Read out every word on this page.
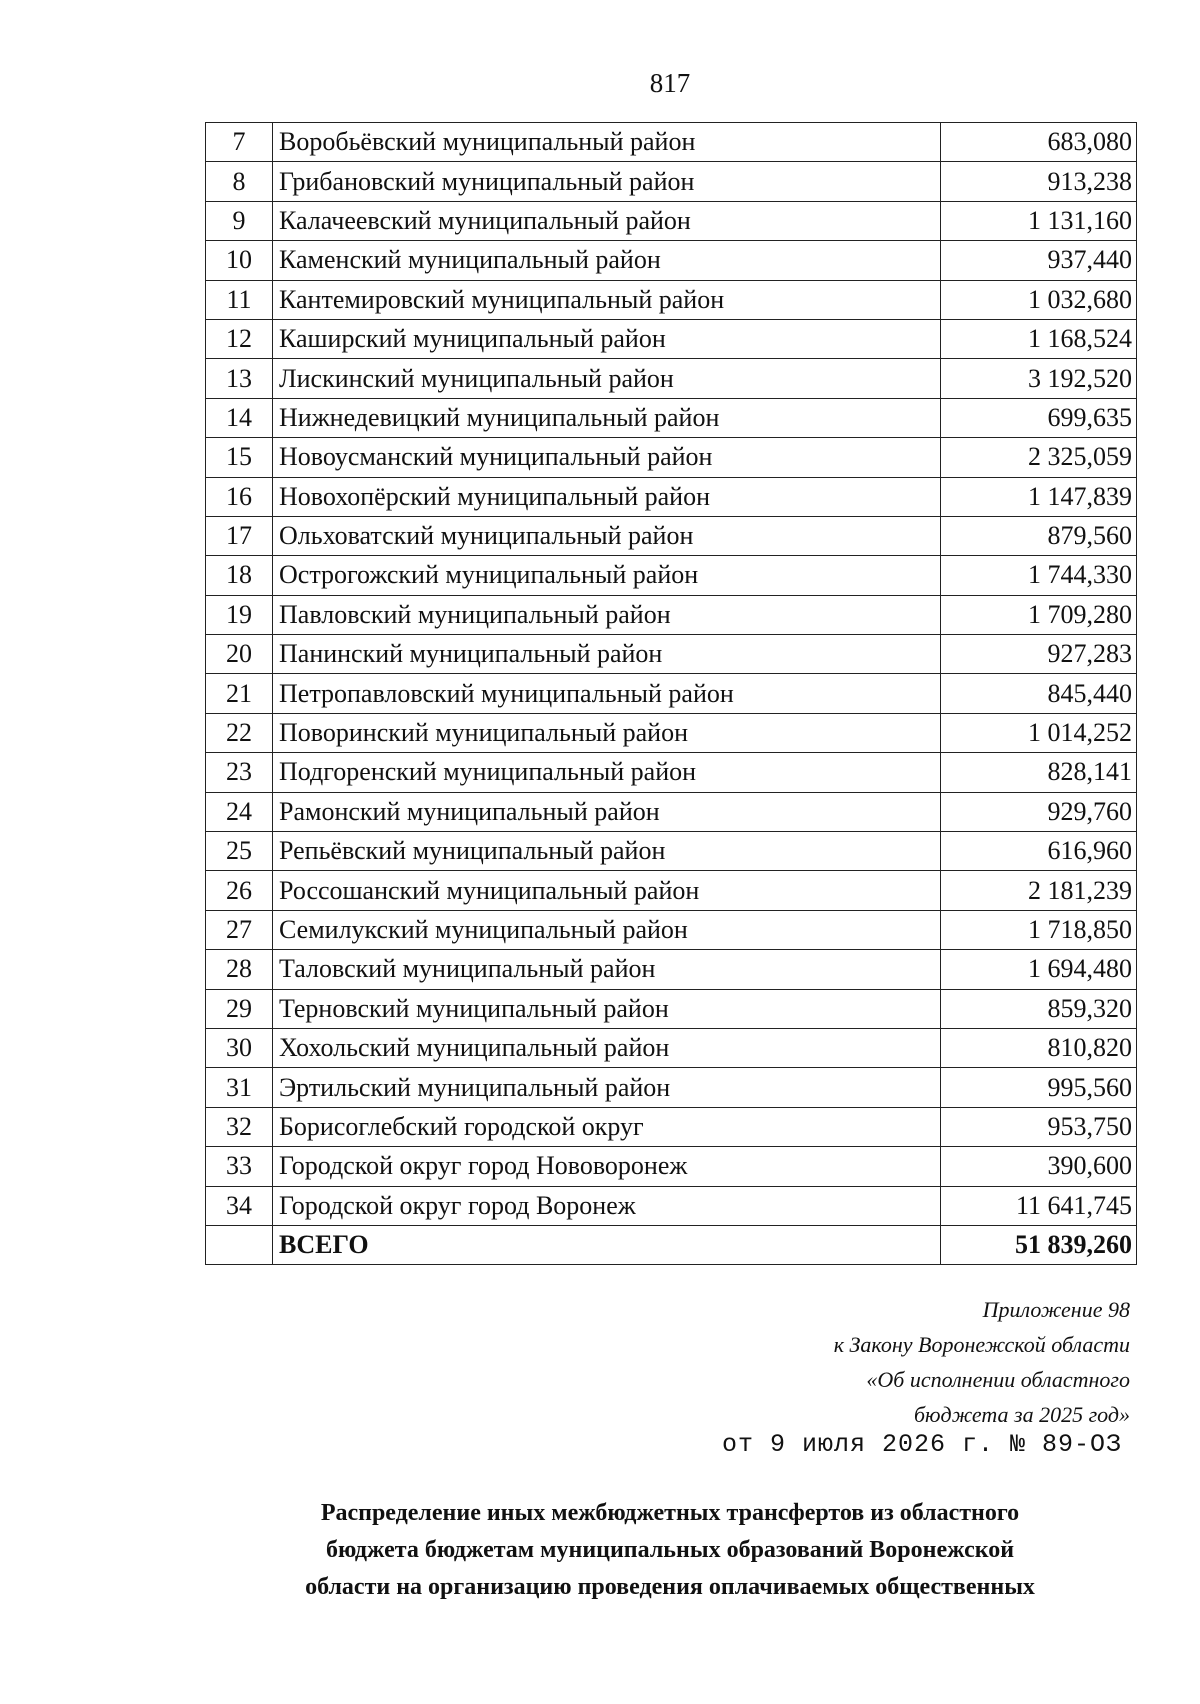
817
7	Воробьёвский муниципальный район	683,080
8	Грибановский муниципальный район	913,238
9	Калачеевский муниципальный район	1 131,160
10	Каменский муниципальный район	937,440
11	Кантемировский муниципальный район	1 032,680
12	Каширский муниципальный район	1 168,524
13	Лискинский муниципальный район	3 192,520
14	Нижнедевицкий муниципальный район	699,635
15	Новоусманский муниципальный район	2 325,059
16	Новохопёрский муниципальный район	1 147,839
17	Ольховатский муниципальный район	879,560
18	Острогожский муниципальный район	1 744,330
19	Павловский муниципальный район	1 709,280
20	Панинский муниципальный район	927,283
21	Петропавловский муниципальный район	845,440
22	Поворинский муниципальный район	1 014,252
23	Подгоренский муниципальный район	828,141
24	Рамонский муниципальный район	929,760
25	Репьёвский муниципальный район	616,960
26	Россошанский муниципальный район	2 181,239
27	Семилукский муниципальный район	1 718,850
28	Таловский муниципальный район	1 694,480
29	Терновский муниципальный район	859,320
30	Хохольский муниципальный район	810,820
31	Эртильский муниципальный район	995,560
32	Борисоглебский городской округ	953,750
33	Городской округ город Нововоронеж	390,600
34	Городской округ город Воронеж	11 641,745
	ВСЕГО	51 839,260
Приложение 98
к Закону Воронежской области
«Об исполнении областного
бюджета за 2025 год»
от 9 июля 2026 г. № 89-ОЗ
Распределение иных межбюджетных трансфертов из областного
бюджета бюджетам муниципальных образований Воронежской
области на организацию проведения оплачиваемых общественных
